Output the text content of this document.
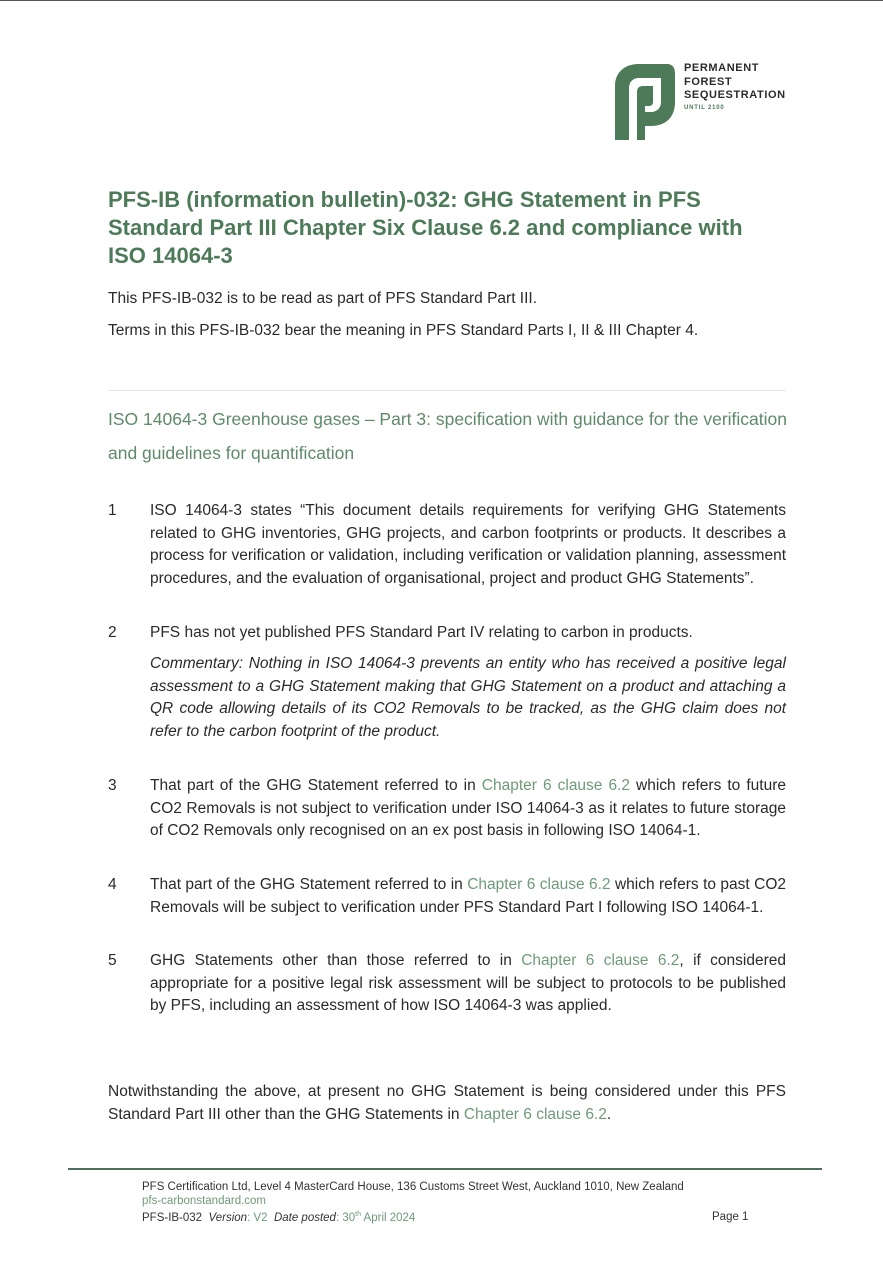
PERMANENT
FOREST
SEQUESTRATION
UNTIL 2100
PFS-IB (information bulletin)-032: GHG Statement in PFS Standard Part III Chapter Six Clause 6.2 and compliance with ISO 14064-3

This PFS-IB-032 is to be read as part of PFS Standard Part III.

Terms in this PFS-IB-032 bear the meaning in PFS Standard Parts I, II & III Chapter 4.

ISO 14064-3 Greenhouse gases – Part 3: specification with guidance for the verification and guidelines for quantification
1 ISO 14064-3 states “This document details requirements for verifying GHG Statements related to GHG inventories, GHG projects, and carbon footprints or products. It describes a process for verification or validation, including verification or validation planning, assessment procedures, and the evaluation of organisational, project and product GHG Statements”.

2 PFS has not yet published PFS Standard Part IV relating to carbon in products.

Commentary: Nothing in ISO 14064-3 prevents an entity who has received a positive legal assessment to a GHG Statement making that GHG Statement on a product and attaching a QR code allowing details of its CO2 Removals to be tracked, as the GHG claim does not refer to the carbon footprint of the product.

3 That part of the GHG Statement referred to in Chapter 6 clause 6.2 which refers to future CO2 Removals is not subject to verification under ISO 14064-3 as it relates to future storage of CO2 Removals only recognised on an ex post basis in following ISO 14064-1.

4 That part of the GHG Statement referred to in Chapter 6 clause 6.2 which refers to past CO2 Removals will be subject to verification under PFS Standard Part I following ISO 14064-1.

5 GHG Statements other than those referred to in Chapter 6 clause 6.2, if considered appropriate for a positive legal risk assessment will be subject to protocols to be published by PFS, including an assessment of how ISO 14064-3 was applied.

Notwithstanding the above, at present no GHG Statement is being considered under this PFS Standard Part III other than the GHG Statements in Chapter 6 clause 6.2.

PFS Certification Ltd, Level 4 MasterCard House, 136 Customs Street West, Auckland 1010, New Zealand
pfs-carbonstandard.com
PFS-IB-032 Version: V2 Date posted: 30th April 2024	Page 1
